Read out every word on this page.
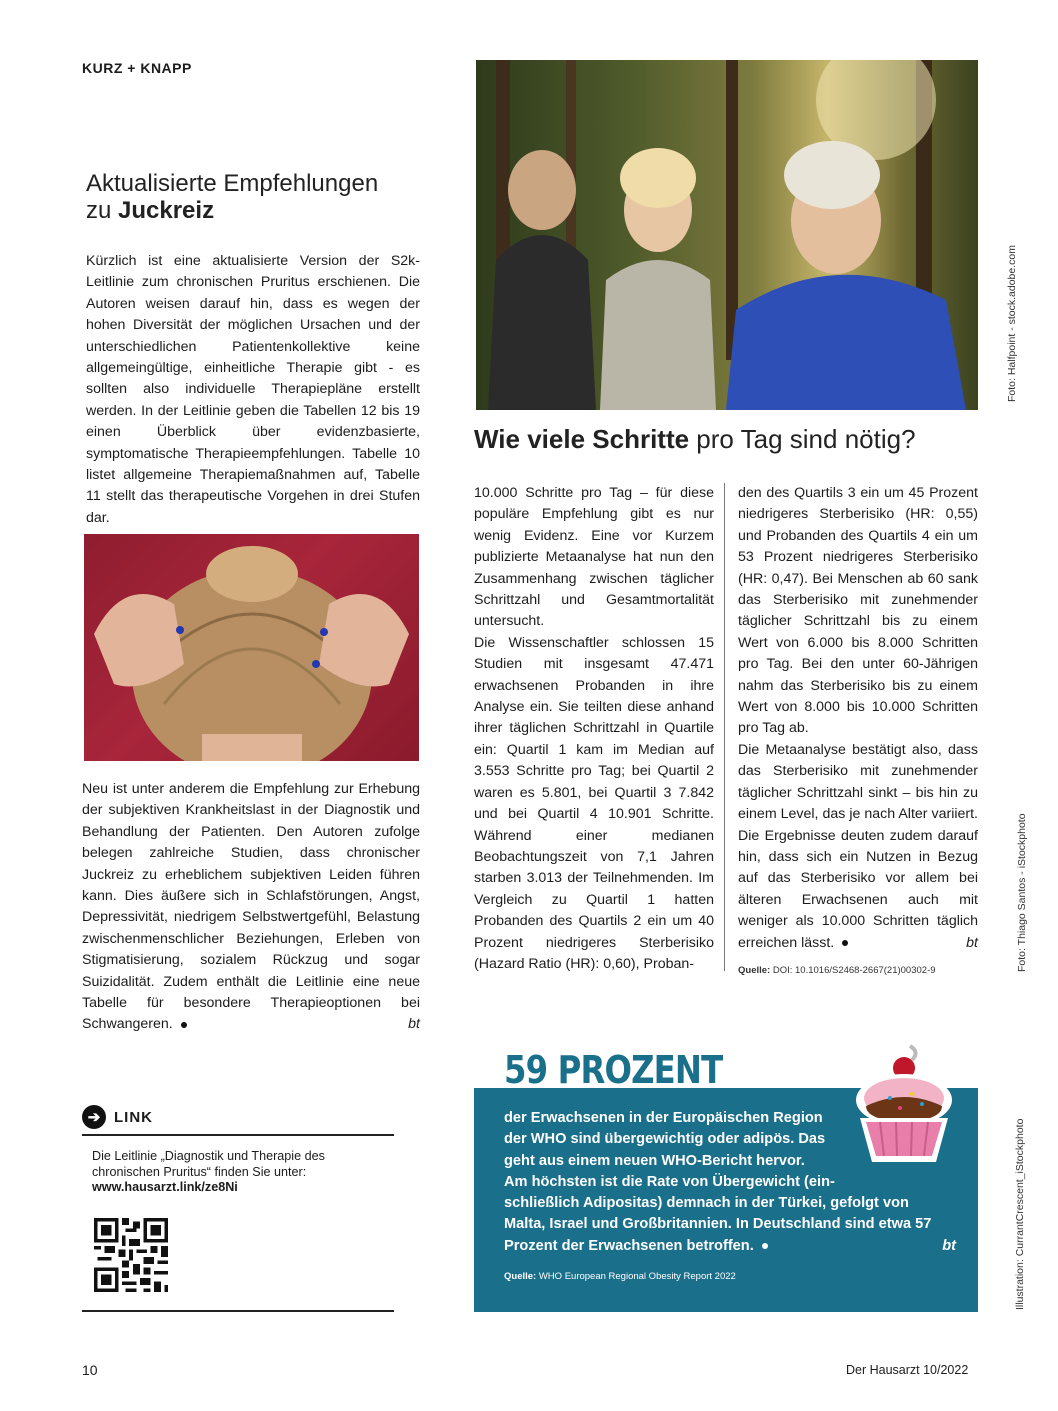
KURZ + KNAPP
Aktualisierte Empfehlungen
zu Juckreiz

Kürzlich ist eine aktualisierte Version der S2k-Leitlinie zum chronischen Pruritus erschienen. Die Autoren weisen darauf hin, dass es wegen der hohen Diversität der möglichen Ursachen und der unterschiedlichen Patientenkollektive keine allgemeingültige, einheitliche Therapie gibt - es sollten also individuelle Therapiepläne erstellt werden. In der Leitlinie geben die Tabellen 12 bis 19 einen Überblick über evidenzbasierte, symptomatische Therapieempfehlungen. Tabelle 10 listet allgemeine Therapiemaßnahmen auf, Tabelle 11 stellt das therapeutische Vorgehen in drei Stufen dar.

Neu ist unter anderem die Empfehlung zur Erhebung der subjektiven Krankheitslast in der Diagnostik und Behandlung der Patienten. Den Autoren zufolge belegen zahlreiche Studien, dass chronischer Juckreiz zu erheblichem subjektiven Leiden führen kann. Dies äußere sich in Schlafstörungen, Angst, Depressivität, niedrigem Selbstwertgefühl, Belastung zwischenmenschlicher Beziehungen, Erleben von Stigmatisierung, sozialem Rückzug und sogar Suizidalität. Zudem enthält die Leitlinie eine neue Tabelle für besondere Therapieoptionen bei Schwangeren.	bt

➔ LINK
Die Leitlinie „Diagnostik und Therapie des chronischen Pruritus“ finden Sie unter:
www.hausarzt.link/ze8Ni
Foto: Halfpoint - stock.adobe.com
Wie viele Schritte pro Tag sind nötig?

10.000 Schritte pro Tag – für diese populäre Empfehlung gibt es nur wenig Evidenz. Eine vor Kurzem publizierte Metaanalyse hat nun den Zusammenhang zwischen täglicher Schrittzahl und Gesamtmortalität untersucht.

Die Wissenschaftler schlossen 15 Studien mit insgesamt 47.471 erwachsenen Probanden in ihre Analyse ein. Sie teilten diese anhand ihrer täglichen Schrittzahl in Quartile ein: Quartil 1 kam im Median auf 3.553 Schritte pro Tag; bei Quartil 2 waren es 5.801, bei Quartil 3 7.842 und bei Quartil 4 10.901 Schritte. Während einer medianen Beobachtungszeit von 7,1 Jahren starben 3.013 der Teilnehmenden. Im Vergleich zu Quartil 1 hatten Probanden des Quartils 2 ein um 40 Prozent niedrigeres Sterberisiko (Hazard Ratio (HR): 0,60), Proban-

den des Quartils 3 ein um 45 Prozent niedrigeres Sterberisiko (HR: 0,55) und Probanden des Quartils 4 ein um 53 Prozent niedrigeres Sterberisiko (HR: 0,47). Bei Menschen ab 60 sank das Sterberisiko mit zunehmender täglicher Schrittzahl bis zu einem Wert von 6.000 bis 8.000 Schritten pro Tag. Bei den unter 60-Jährigen nahm das Sterberisiko bis zu einem Wert von 8.000 bis 10.000 Schritten pro Tag ab.

Die Metaanalyse bestätigt also, dass das Sterberisiko mit zunehmender täglicher Schrittzahl sinkt – bis hin zu einem Level, das je nach Alter variiert. Die Ergebnisse deuten zudem darauf hin, dass sich ein Nutzen in Bezug auf das Sterberisiko vor allem bei älteren Erwachsenen auch mit weniger als 10.000 Schritten täglich erreichen lässt.	bt

Quelle: DOI: 10.1016/S2468-2667(21)00302-9	Foto: Thiago Santos - iStockphoto
59 PROZENT
der Erwachsenen in der Europäischen Region
der WHO sind übergewichtig oder adipös. Das
geht aus einem neuen WHO-Bericht hervor.
Am höchsten ist die Rate von Übergewicht (ein-
schließlich Adipositas) demnach in der Türkei, gefolgt von
Malta, Israel und Großbritannien. In Deutschland sind etwa 57
Prozent der Erwachsenen betroffen.	bt
Quelle: WHO European Regional Obesity Report 2022	Illustration: CurrantCrescent_iStockphoto
10	Der Hausarzt 10/2022
